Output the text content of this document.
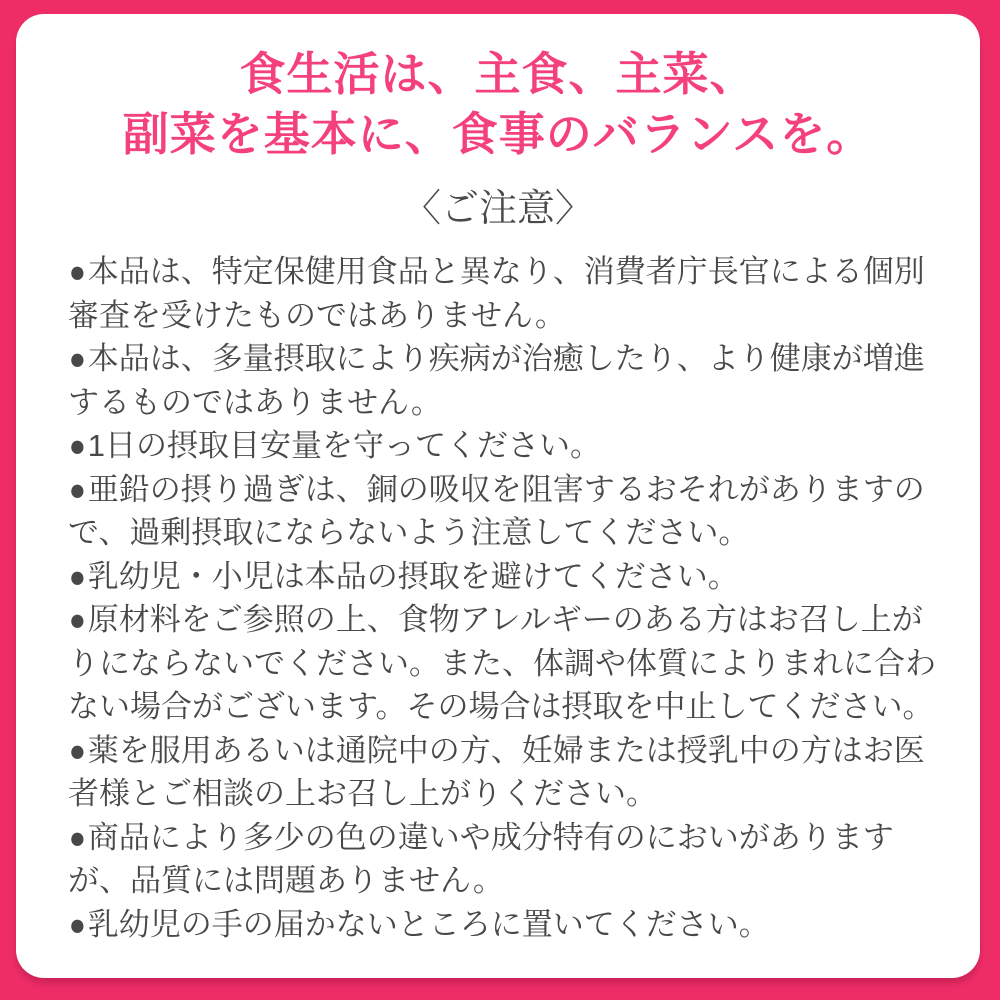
食生活は、主食、主菜、
副菜を基本に、食事のバランスを。
〈ご注意〉

●本品は、特定保健用食品と異なり、消費者庁長官による個別審査を受けたものではありません。

●本品は、多量摂取により疾病が治癒したり、より健康が増進するものではありません。

●1日の摂取目安量を守ってください。

●亜鉛の摂り過ぎは、銅の吸収を阻害するおそれがありますので、過剰摂取にならないよう注意してください。

●乳幼児・小児は本品の摂取を避けてください。

●原材料をご参照の上、食物アレルギーのある方はお召し上がりにならないでください。また、体調や体質によりまれに合わない場合がございます。その場合は摂取を中止してください。

●薬を服用あるいは通院中の方、妊婦または授乳中の方はお医者様とご相談の上お召し上がりください。

●商品により多少の色の違いや成分特有のにおいがありますが、品質には問題ありません。

●乳幼児の手の届かないところに置いてください。
